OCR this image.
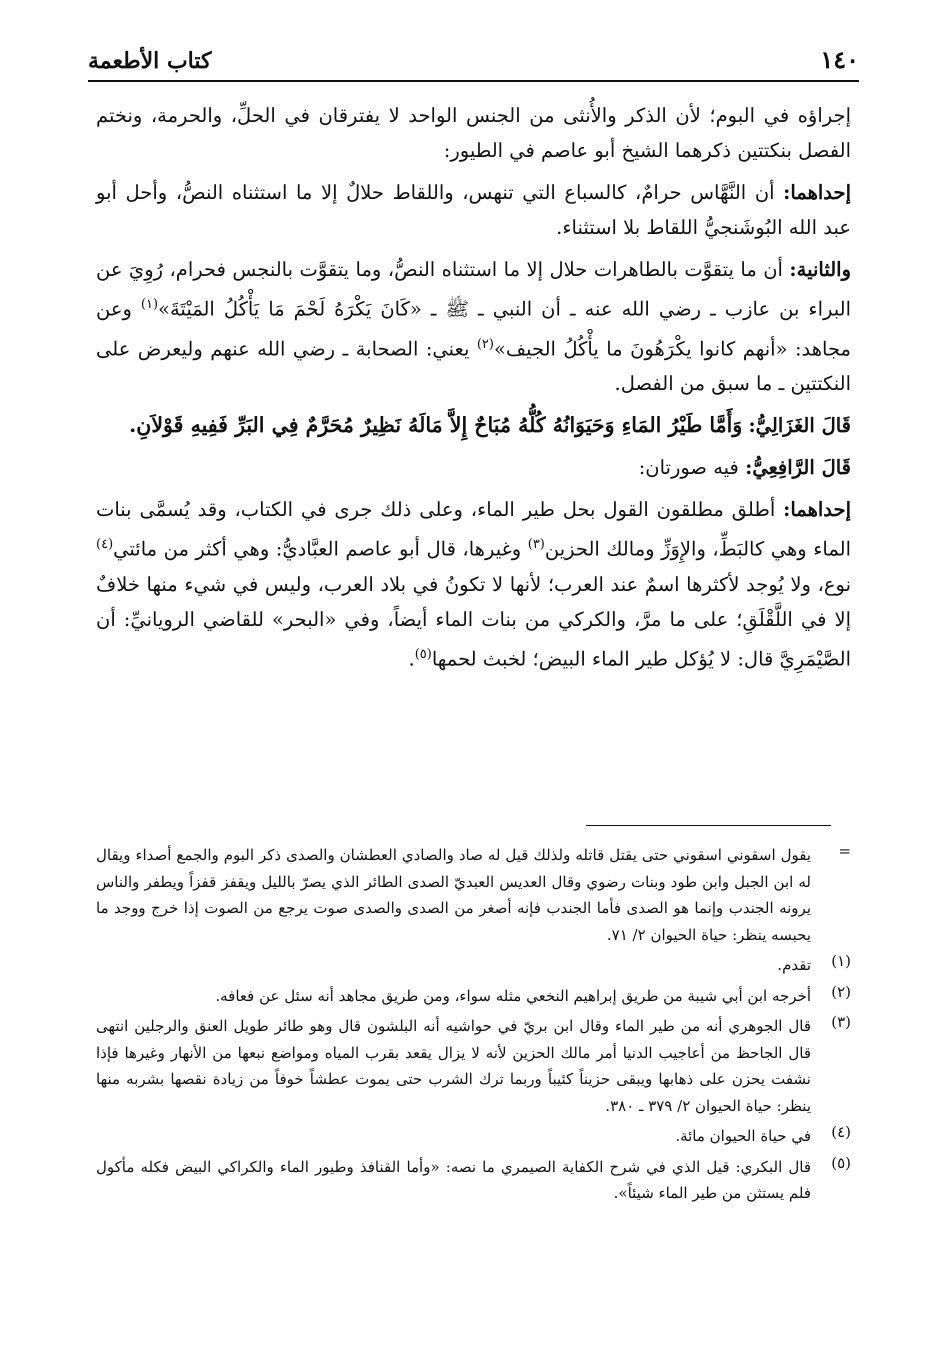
١٤٠
كتاب الأطعمة

إجراؤه في البوم؛ لأن الذكر والأُنثى من الجنس الواحد لا يفترقان في الحلِّ، والحرمة، ونختم الفصل بنكتتين ذكرهما الشيخ أبو عاصم في الطيور:

إحداهما: أن النَّهَّاس حرامٌ، كالسباع التي تنهس، واللقاط حلالٌ إلا ما استثناه النصُّ، وأحل أبو عبد الله البُوشَنجيُّ اللقاط بلا استثناء.

والثانية: أن ما يتقوَّت بالطاهرات حلال إلا ما استثناه النصُّ، وما يتقوَّت بالنجس فحرام، رُوِيَ عن البراء بن عازب ـ رضي الله عنه ـ أن النبي ـ ﷺ ـ «كَانَ يَكْرَهُ لَحْمَ مَا يَأْكُلُ المَيْتَةَ»$^{(١)}$ وعن مجاهد: «أنهم كانوا يكْرَهُونَ ما يأْكُلُ الجيف»$^{(٢)}$ يعني: الصحابة ـ رضي الله عنهم وليعرض على النكتتين ـ ما سبق من الفصل.

قَالَ الغَزَالِيُّ: وَأَمَّا طَيْرُ المَاءِ وَحَيَوَانُهُ كُلُّهُ مُبَاحٌ إِلاَّ مَالَهُ نَظِيرٌ مُحَرَّمٌ فِي البَرِّ فَفِيهِ قَوْلاَنِ.

قَالَ الرَّافِعِيُّ: فيه صورتان:

إحداهما: أطلق مطلقون القول بحل طير الماء، وعلى ذلك جرى في الكتاب، وقد يُسمَّى بنات الماء وهي كالبَطِّ، والإِوَزِّ ومالك الحزين$^{(٣)}$ وغيرها، قال أبو عاصم العبَّاديُّ: وهي أكثر من مائتي$^{(٤)}$ نوع، ولا يُوجد لأكثرها اسمٌ عند العرب؛ لأنها لا تكونُ في بلاد العرب، وليس في شيء منها خلافٌ إلا في اللَّقْلَقِ؛ على ما مرَّ، والكركي من بنات الماء أيضاً، وفي «البحر» للقاضي الرويانيِّ: أن الصَّيْمَرِيَّ قال: لا يُؤكل طير الماء البيض؛ لخبث لحمها$^{(٥)}$.

=
يقول اسقوني اسقوني حتى يقتل قاتله ولذلك قيل له صاد والصادي العطشان والصدى ذكر البوم والجمع أصداء ويقال له ابن الجبل وابن طود وبنات رضوي وقال العديس العبديّ الصدى الطائر الذي يصرّ بالليل ويقفز قفزاً ويطفر والناس يرونه الجندب وإنما هو الصدى فأما الجندب فإنه أصغر من الصدى والصدى صوت يرجع من الصوت إذا خرج ووجد ما يحبسه ينظر: حياة الحيوان ٢/ ٧١.
(١)
تقدم.
(٢)
أخرجه ابن أبي شيبة من طريق إبراهيم النخعي مثله سواء، ومن طريق مجاهد أنه سئل عن فعافه.
(٣)
قال الجوهري أنه من طير الماء وقال ابن بريّ في حواشيه أنه البلشون قال وهو طائر طويل العنق والرجلين انتهى قال الجاحظ من أعاجيب الدنيا أمر مالك الحزين لأنه لا يزال يقعد بقرب المياه ومواضع نبعها من الأنهار وغيرها فإذا نشفت يحزن على ذهابها ويبقى حزيناً كئيباً وربما ترك الشرب حتى يموت عطشاً خوفاً من زيادة نقصها بشربه منها ينظر: حياة الحيوان ٢/ ٣٧٩ ـ ٣٨٠.
(٤)
في حياة الحيوان مائة.
(٥)
قال البكري: قيل الذي في شرح الكفاية الصيمري ما نصه: «وأما القنافذ وطيور الماء والكراكي البيض فكله مأكول فلم يستثن من طير الماء شيئاً».
